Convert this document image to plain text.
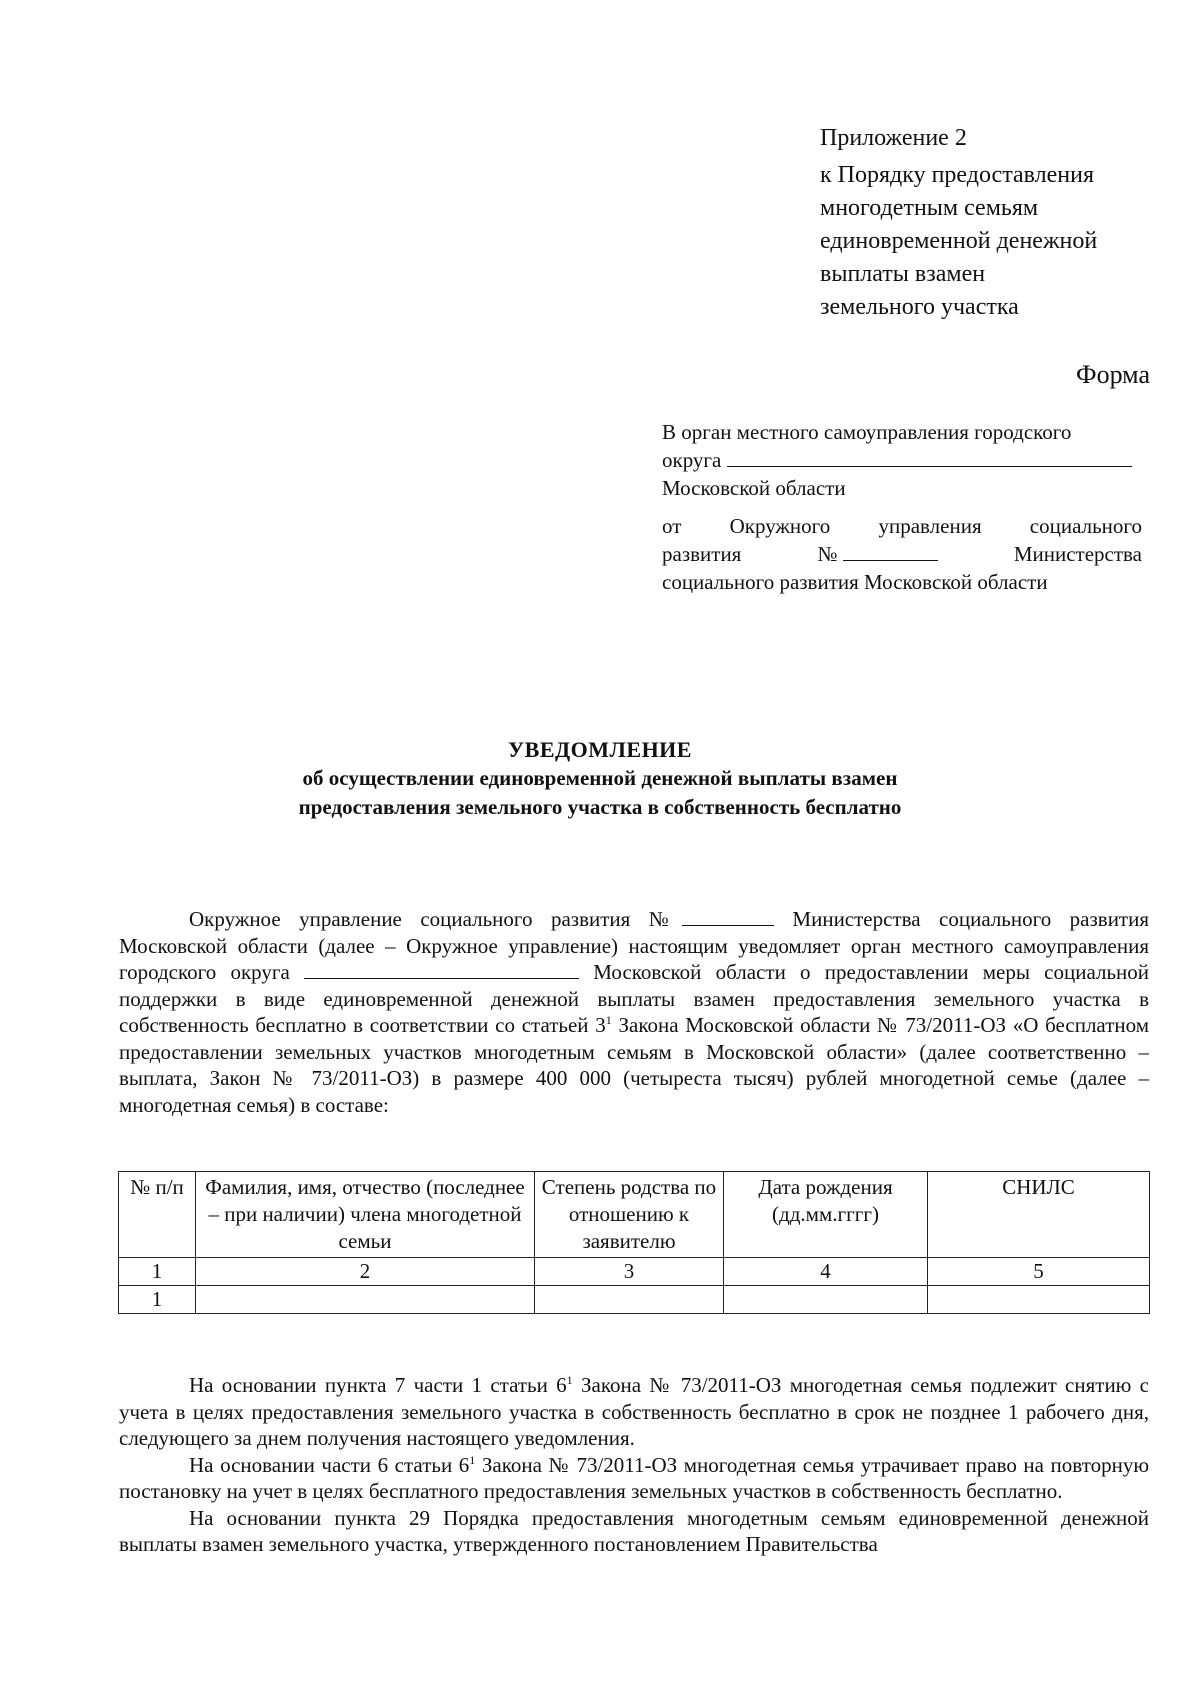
Приложение 2
к Порядку предоставления
многодетным семьям
единовременной денежной
выплаты взамен
земельного участка
Форма
В орган местного самоуправления городского
округа
Московской области
от Окружного управления социального
развития	№	Министерства
социального развития Московской области
УВЕДОМЛЕНИЕ
об осуществлении единовременной денежной выплаты взамен
предоставления земельного участка в собственность бесплатно

Окружное управление социального развития №	Министерства социального развития Московской области (далее – Окружное управление) настоящим уведомляет орган местного самоуправления городского округа	Московской области о предоставлении меры социальной поддержки в виде единовременной денежной выплаты взамен предоставления земельного участка в собственность бесплатно в соответствии со статьей $3^1$ Закона Московской области № 73/2011-ОЗ «О бесплатном предоставлении земельных участков многодетным семьям в Московской области» (далее соответственно – выплата, Закон № 73/2011-ОЗ) в размере 400 000 (четыреста тысяч) рублей многодетной семье (далее – многодетная семья) в составе:

№ п/п	Фамилия, имя, отчество (последнее – при наличии) члена многодетной семьи	Степень родства по отношению к заявителю	Дата рождения (дд.мм.гггг)	СНИЛС
1	2	3	4	5
1				

На основании пункта 7 части 1 статьи $6^1$ Закона № 73/2011-ОЗ многодетная семья подлежит снятию с учета в целях предоставления земельного участка в собственность бесплатно в срок не позднее 1 рабочего дня, следующего за днем получения настоящего уведомления.

На основании части 6 статьи $6^1$ Закона № 73/2011-ОЗ многодетная семья утрачивает право на повторную постановку на учет в целях бесплатного предоставления земельных участков в собственность бесплатно.

На основании пункта 29 Порядка предоставления многодетным семьям единовременной денежной выплаты взамен земельного участка, утвержденного постановлением Правительства
